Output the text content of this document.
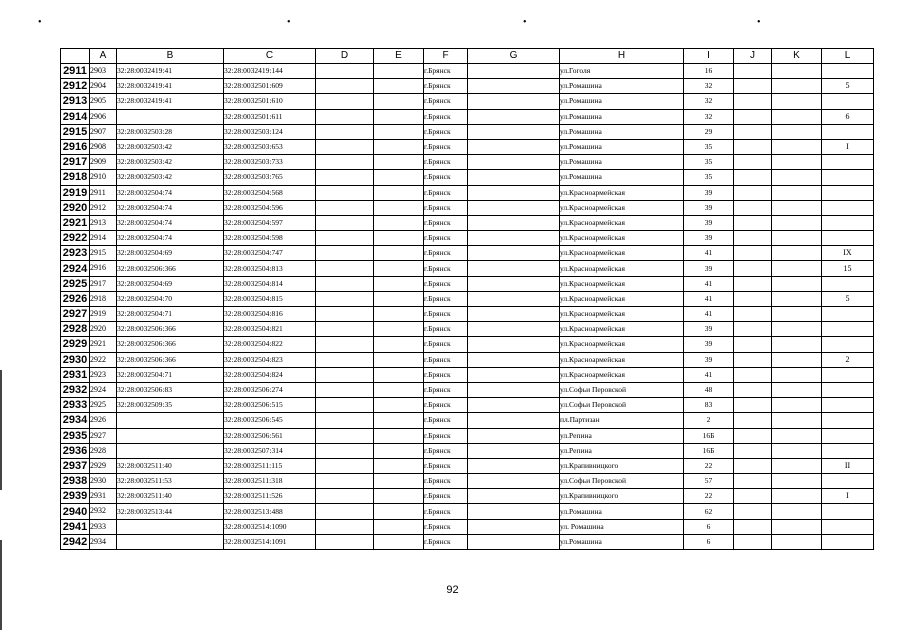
•	•	•	•
	A	B	C	D	E	F	G	H	I	J	K	L
2911	2903	32:28:0032419:41	32:28:0032419:144			г.Брянск		ул.Гоголя	16			
2912	2904	32:28:0032419:41	32:28:0032501:609			г.Брянск		ул.Ромашина	32			5
2913	2905	32:28:0032419:41	32:28:0032501:610			г.Брянск		ул.Ромашина	32			
2914	2906		32:28:0032501:611			г.Брянск		ул.Ромашина	32			6
2915	2907	32:28:0032503:28	32:28:0032503:124			г.Брянск		ул.Ромашина	29			
2916	2908	32:28:0032503:42	32:28:0032503:653			г.Брянск		ул.Ромашина	35			I
2917	2909	32:28:0032503:42	32:28:0032503:733			г.Брянск		ул.Ромашина	35			
2918	2910	32:28:0032503:42	32:28:0032503:765			г.Брянск		ул.Ромашина	35			
2919	2911	32:28:0032504:74	32:28:0032504:568			г.Брянск		ул.Красноармейская	39			
2920	2912	32:28:0032504:74	32:28:0032504:596			г.Брянск		ул.Красноармейская	39			
2921	2913	32:28:0032504:74	32:28:0032504:597			г.Брянск		ул.Красноармейская	39			
2922	2914	32:28:0032504:74	32:28:0032504:598			г.Брянск		ул.Красноармейская	39			
2923	2915	32:28:0032504:69	32:28:0032504:747			г.Брянск		ул.Красноармейская	41			IX
2924	2916	32:28:0032506:366	32:28:0032504:813			г.Брянск		ул.Красноармейская	39			15
2925	2917	32:28:0032504:69	32:28:0032504:814			г.Брянск		ул.Красноармейская	41			
2926	2918	32:28:0032504:70	32:28:0032504:815			г.Брянск		ул.Красноармейская	41			5
2927	2919	32:28:0032504:71	32:28:0032504:816			г.Брянск		ул.Красноармейская	41			
2928	2920	32:28:0032506:366	32:28:0032504:821			г.Брянск		ул.Красноармейская	39			
2929	2921	32:28:0032506:366	32:28:0032504:822			г.Брянск		ул.Красноармейская	39			
2930	2922	32:28:0032506:366	32:28:0032504:823			г.Брянск		ул.Красноармейская	39			2
2931	2923	32:28:0032504:71	32:28:0032504:824			г.Брянск		ул.Красноармейская	41			
2932	2924	32:28:0032506:83	32:28:0032506:274			г.Брянск		ул.Софьи Перовской	48			
2933	2925	32:28:0032509:35	32:28:0032506:515			г.Брянск		ул.Софьи Перовской	83			
2934	2926		32:28:0032506:545			г.Брянск		пл.Партизан	2			
2935	2927		32:28:0032506:561			г.Брянск		ул.Репина	16Б			
2936	2928		32:28:0032507:314			г.Брянск		ул.Репина	16Б			
2937	2929	32:28:0032511:40	32:28:0032511:115			г.Брянск		ул.Крапивницкого	22			II
2938	2930	32:28:0032511:53	32:28:0032511:318			г.Брянск		ул.Софьи Перовской	57			
2939	2931	32:28:0032511:40	32:28:0032511:526			г.Брянск		ул.Крапивницкого	22			I
2940	2932	32:28:0032513:44	32:28:0032513:488			г.Брянск		ул.Ромашина	62			
2941	2933		32:28:0032514:1090			г.Брянск		ул. Ромашина	6			
2942	2934		32:28:0032514:1091			г.Брянск		ул.Ромашина	6			
92
